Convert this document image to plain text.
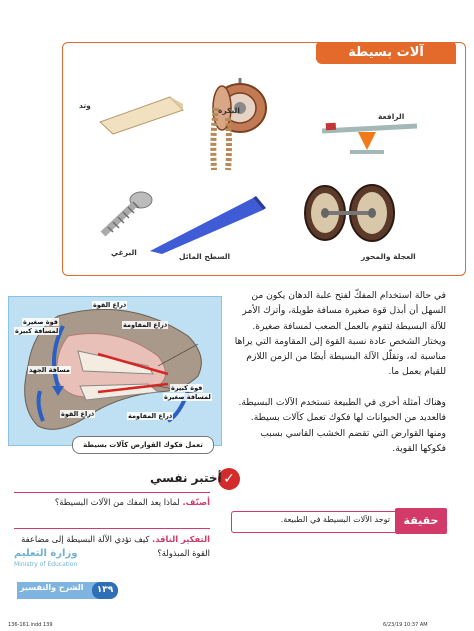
آلات بسيطة
البكرة
وتد
الرافعة
البرغي	السطح المائل	العجلة والمحور
في حالة استخدام المفكّ لفتح علبة الدهان يكون من السهل أن أبذل قوة صغيرة مسافة طويلة، وأترك الأمر للآلة البسيطة لتقوم بالعمل الصعب لمسافة صغيرة. ويختار الشخص عادة نسبة القوة إلى المقاومة التي يراها مناسبة له، وتقلّل الآلة البسيطة أيضًا من الزمن اللازم للقيام بعمل ما.
وهناك أمثلة أخرى في الطبيعة تستخدم الآلات البسيطة. فالعديد من الحيوانات لها فكوك تعمل كآلات بسيطة. ومنها القوارض التي تقضم الخشب القاسي بسبب فكوكها القوية.
حقيقة
توجد الآلات البسيطة في الطبيعة.
ذراع القوة
ذراع المقاومة
قوة صغيرة
لمسافة كبيرة
مسافة الجهد
قوة كبيرة
لمسافة صغيرة
ذراع القوة	ذراع المقاومة
تعمل فكوك القوارض كآلات بسيطة
✓
أختبر نفسي
أصنّف. لماذا يعد المفك من الآلات البسيطة؟
التفكير الناقد. كيف تؤدي الآلة البسيطة إلى مضاعفة القوة المبذولة؟
وزارة التعليم
Ministry of Education
الشرح والتفسير	١٣٩
136-161.indd 139	6/23/19 10:37 AM
